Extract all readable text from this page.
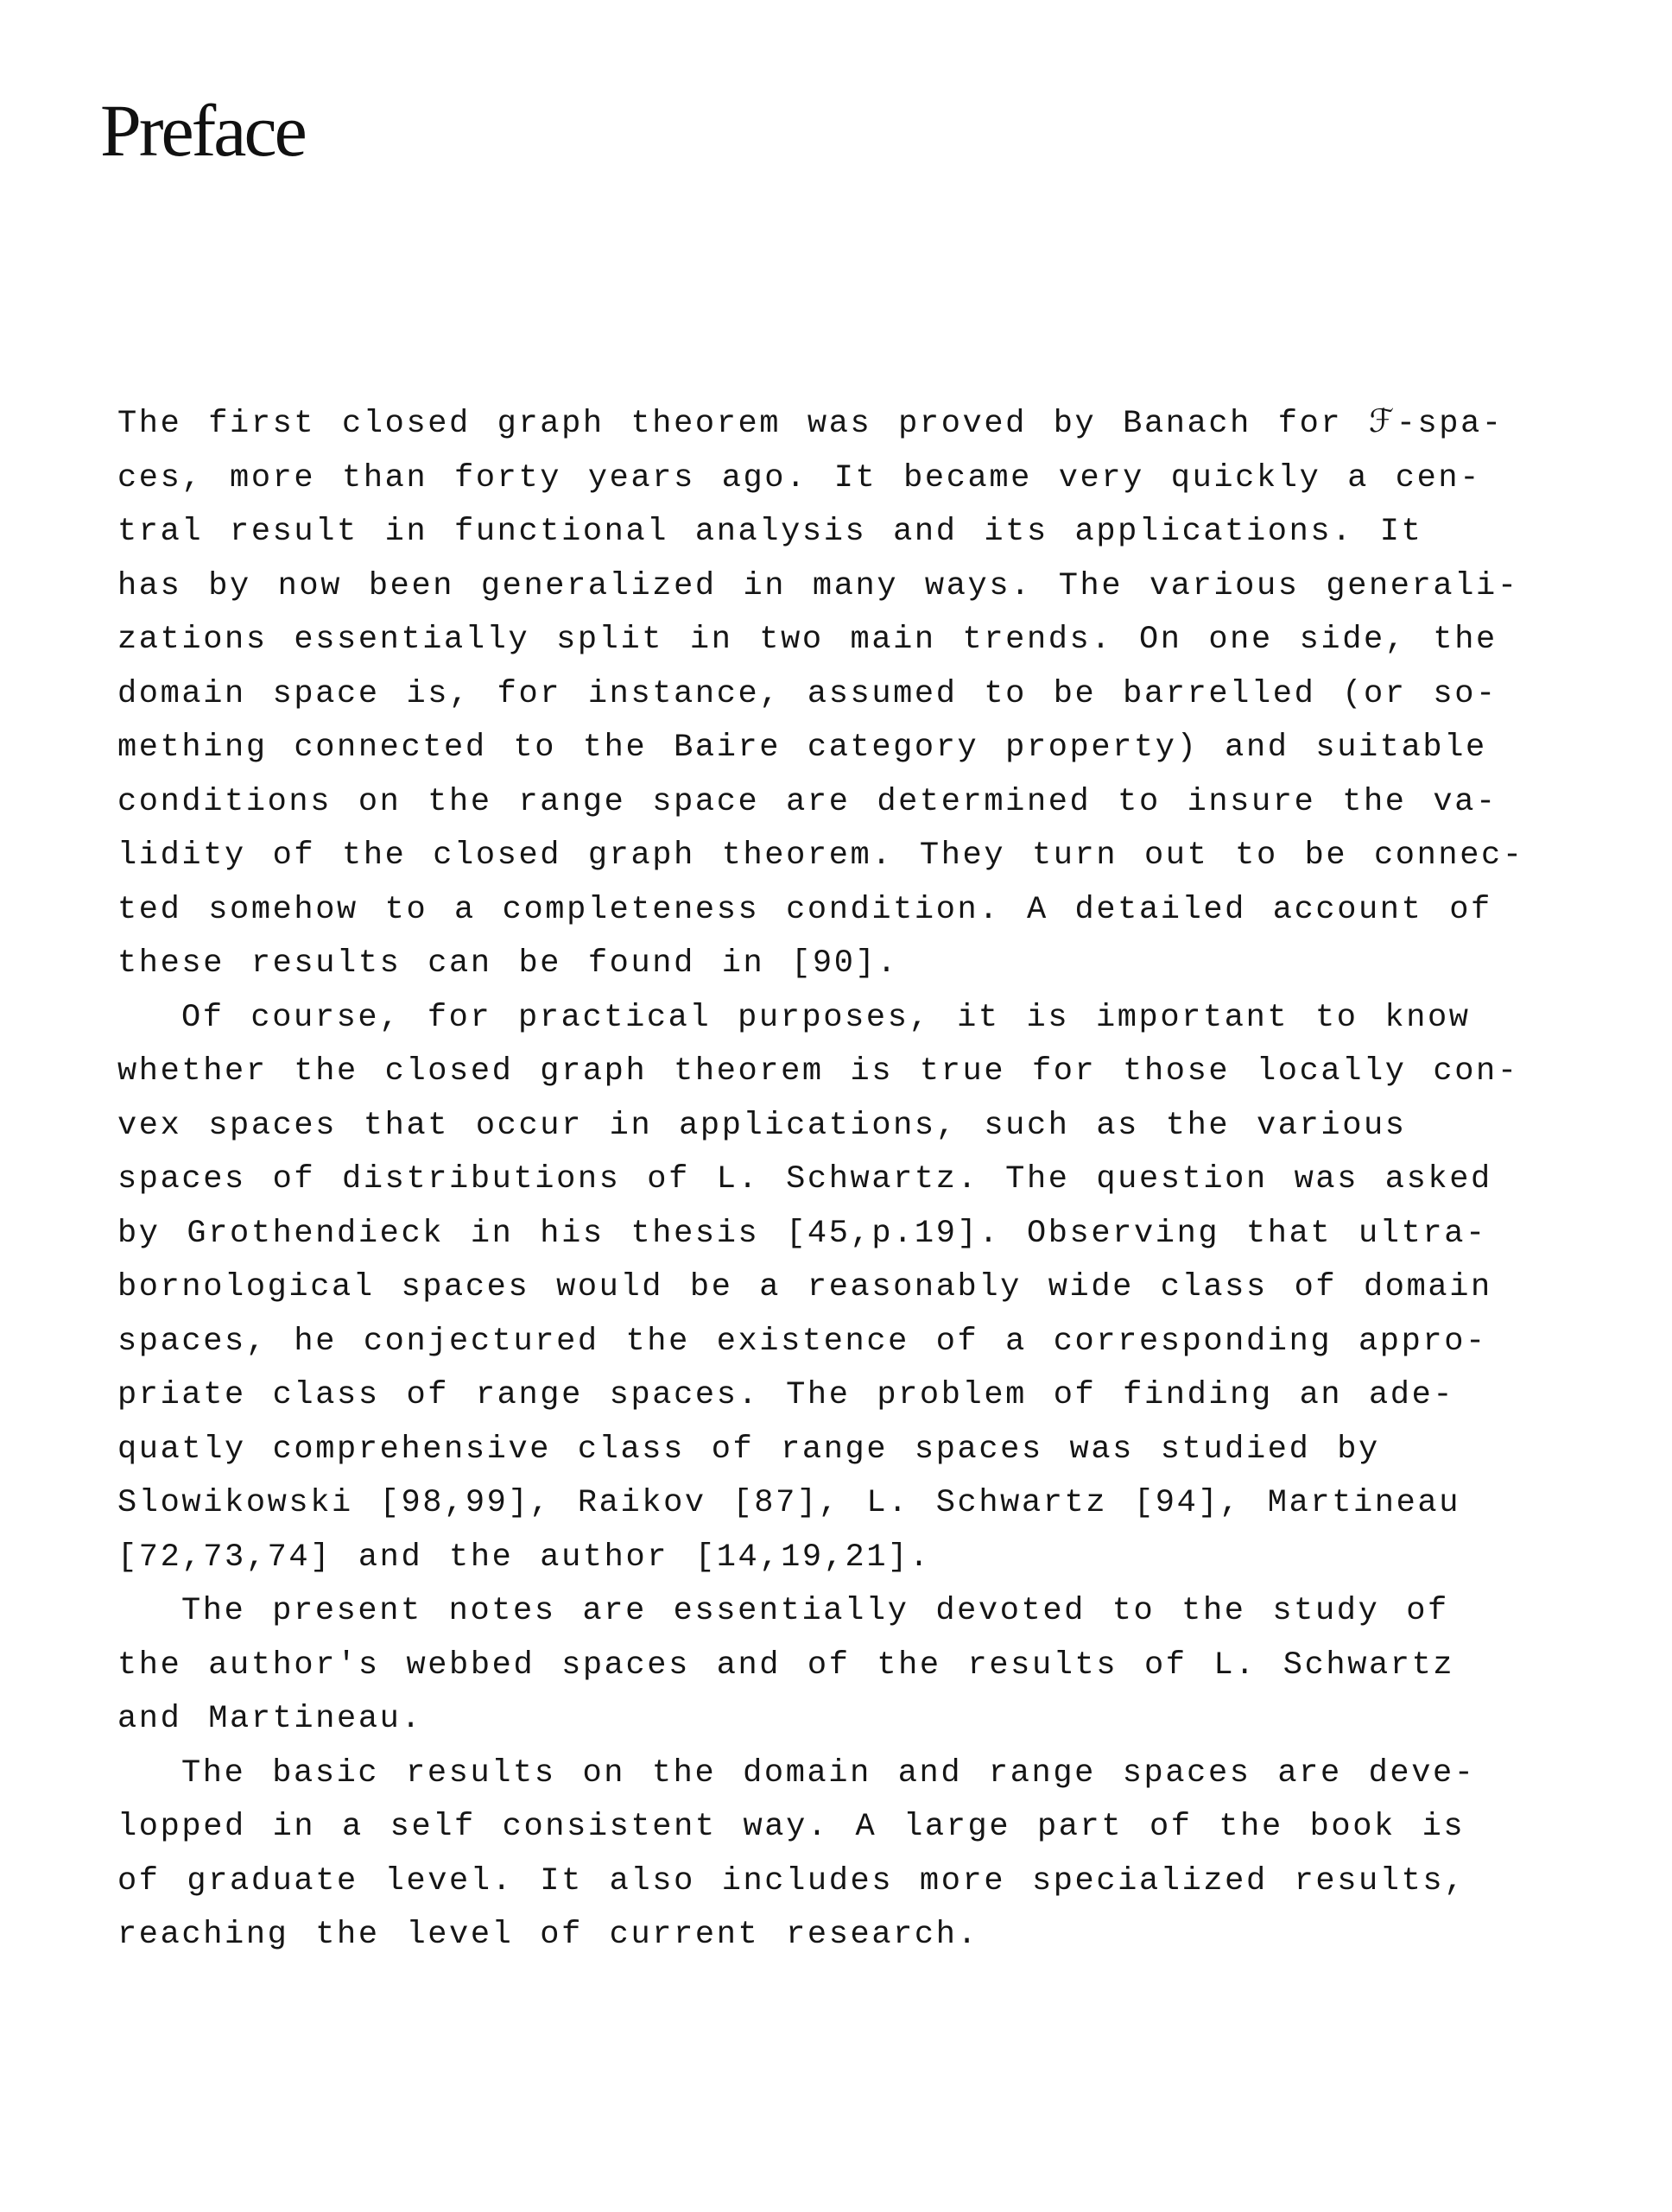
Preface

The first closed graph theorem was proved by Banach for ℱ-spa-
ces, more than forty years ago. It became very quickly a cen-
tral result in functional analysis and its applications. It
has by now been generalized in many ways. The various generali-
zations essentially split in two main trends. On one side, the
domain space is, for instance, assumed to be barrelled (or so-
mething connected to the Baire category property) and suitable
conditions on the range space are determined to insure the va-
lidity of the closed graph theorem. They turn out to be connec-
ted somehow to a completeness condition. A detailed account of
these results can be found in [90].

Of course, for practical purposes, it is important to know
whether the closed graph theorem is true for those locally con-
vex spaces that occur in applications, such as the various
spaces of distributions of L. Schwartz. The question was asked
by Grothendieck in his thesis [45,p.19]. Observing that ultra-
bornological spaces would be a reasonably wide class of domain
spaces, he conjectured the existence of a corresponding appro-
priate class of range spaces. The problem of finding an ade-
quatly comprehensive class of range spaces was studied by
Slowikowski [98,99], Raikov [87], L. Schwartz [94], Martineau
[72,73,74] and the author [14,19,21].

The present notes are essentially devoted to the study of
the author's webbed spaces and of the results of L. Schwartz
and Martineau.

The basic results on the domain and range spaces are deve-
lopped in a self consistent way. A large part of the book is
of graduate level. It also includes more specialized results,
reaching the level of current research.
